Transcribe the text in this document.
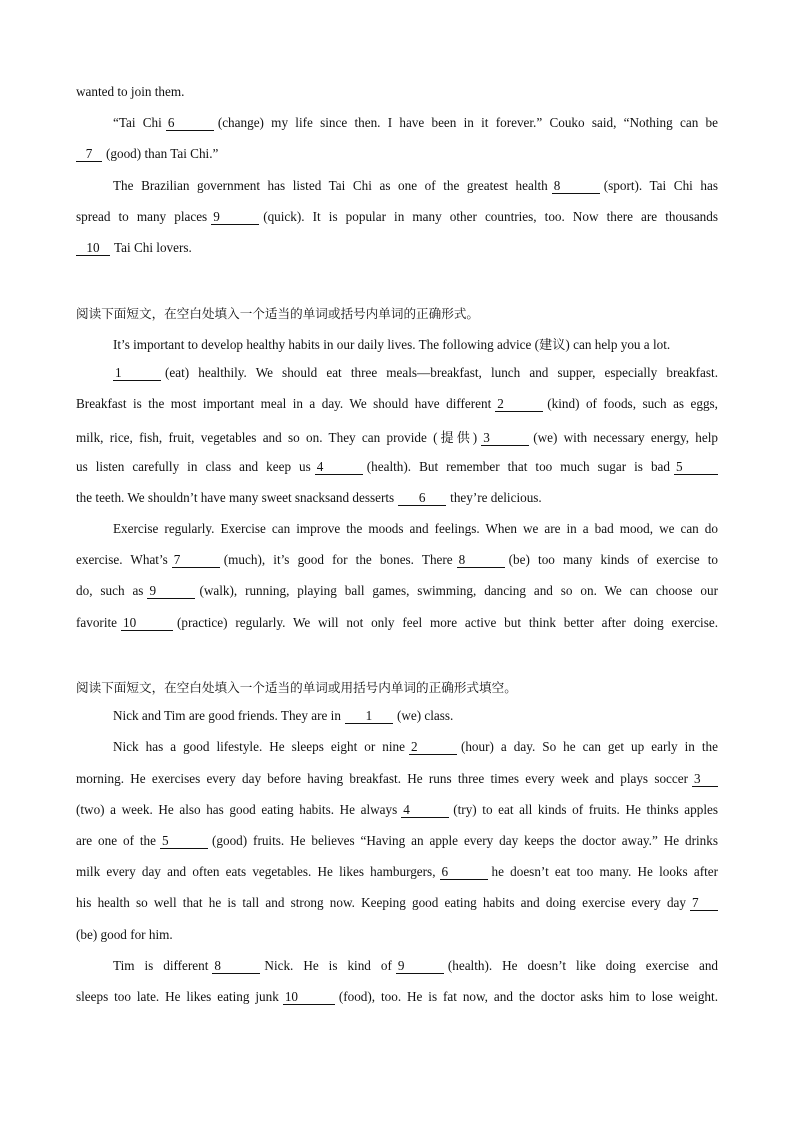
wanted to join them.
“Tai Chi 6	(change) my life since then. I have been in it forever.” Couko said, “Nothing can be
7 (good) than Tai Chi.”
The Brazilian government has listed Tai Chi as one of the greatest health 8	(sport). Tai Chi has
spread to many places 9	(quick). It is popular in many other countries, too. Now there are thousands
10 Tai Chi lovers.
阅读下面短文，在空白处填入一个适当的单词或括号内单词的正确形式。
It’s important to develop healthy habits in our daily lives. The following advice (建议) can help you a lot.
1	(eat) healthily. We should eat three meals—breakfast, lunch and supper, especially breakfast.
Breakfast is the most important meal in a day. We should have different 2	(kind) of foods, such as eggs,
milk, rice, fish, fruit, vegetables and so on. They can provide (提供) 3	(we) with necessary energy, help
us listen carefully in class and keep us 4	(health). But remember that too much sugar is bad 5
the teeth. We shouldn’t have many sweet snacksand desserts 6 they’re delicious.
Exercise regularly. Exercise can improve the moods and feelings. When we are in a bad mood, we can do
exercise. What’s 7	(much), it’s good for the bones. There 8	(be) too many kinds of exercise to
do, such as 9	(walk), running, playing ball games, swimming, dancing and so on. We can choose our
favorite 10	(practice) regularly. We will not only feel more active but think better after doing exercise.
阅读下面短文，在空白处填入一个适当的单词或用括号内单词的正确形式填空。
Nick and Tim are good friends. They are in 1 (we) class.
Nick has a good lifestyle. He sleeps eight or nine 2	(hour) a day. So he can get up early in the
morning. He exercises every day before having breakfast. He runs three times every week and plays soccer 3
(two) a week. He also has good eating habits. He always 4	(try) to eat all kinds of fruits. He thinks apples
are one of the 5	(good) fruits. He believes “Having an apple every day keeps the doctor away.” He drinks
milk every day and often eats vegetables. He likes hamburgers, 6	he doesn’t eat too many. He looks after
his health so well that he is tall and strong now. Keeping good eating habits and doing exercise every day 7
(be) good for him.
Tim is different 8	Nick. He is kind of 9	(health). He doesn’t like doing exercise and
sleeps too late. He likes eating junk 10	(food), too. He is fat now, and the doctor asks him to lose weight.
